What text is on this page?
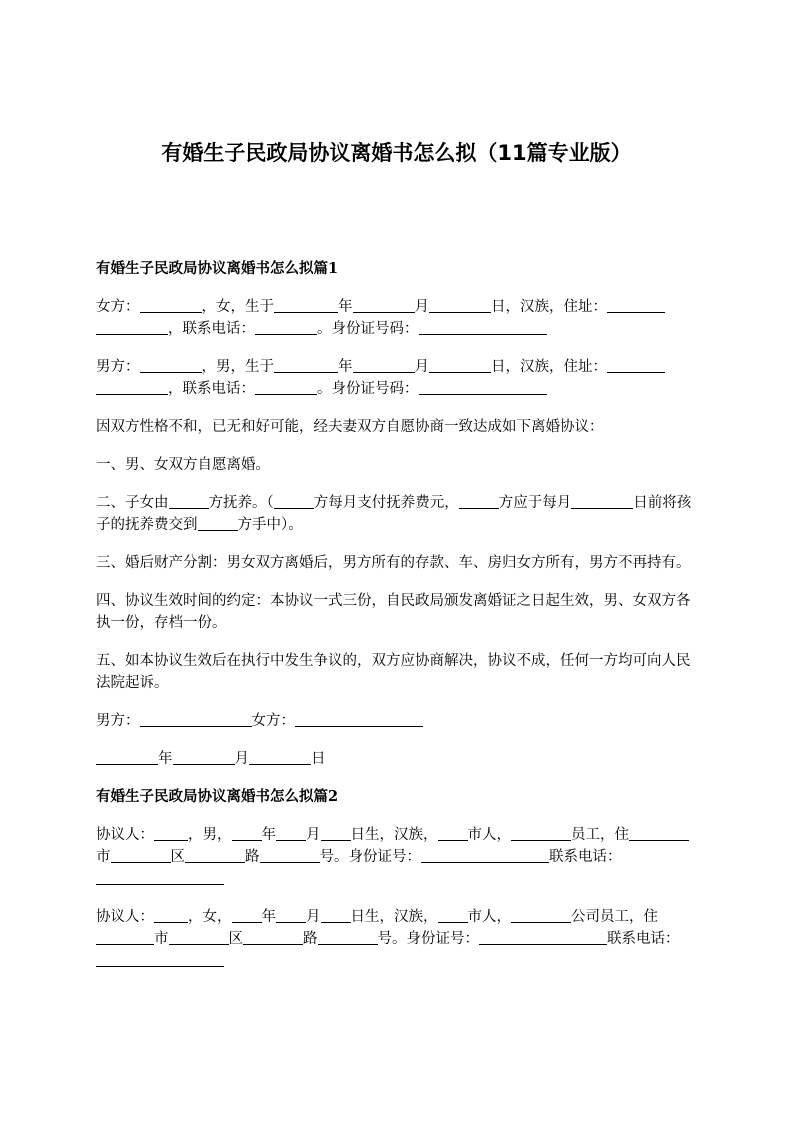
有婚生子民政局协议离婚书怎么拟（11篇专业版）
有婚生子民政局协议离婚书怎么拟篇1
女方：	，女，生于	年	月	日，汉族，住址：，联系电话：	。身份证号码：
男方：	，男，生于	年	月	日，汉族，住址：，联系电话：	。身份证号码：
因双方性格不和，已无和好可能，经夫妻双方自愿协商一致达成如下离婚协议：
一、男、女双方自愿离婚。
二、子女由	方抚养。（	方每月支付抚养费元，	方应于每月	日前将孩子的抚养费交到	方手中）。
三、婚后财产分割：男女双方离婚后，男方所有的存款、车、房归女方所有，男方不再持有。
四、协议生效时间的约定：本协议一式三份，自民政局颁发离婚证之日起生效，男、女双方各执一份，存档一份。
五、如本协议生效后在执行中发生争议的，双方应协商解决，协议不成，任何一方均可向人民法院起诉。
男方：	女方：
年	月	日
有婚生子民政局协议离婚书怎么拟篇2
协议人： ，男， 年 月 日生，汉族， 市人，	员工，住市	区	路	号。身份证号：	联系电话：
协议人： ，女， 年 月 日生，汉族， 市人，	公司员工，住市	区	路	号。身份证号：	联系电话：
